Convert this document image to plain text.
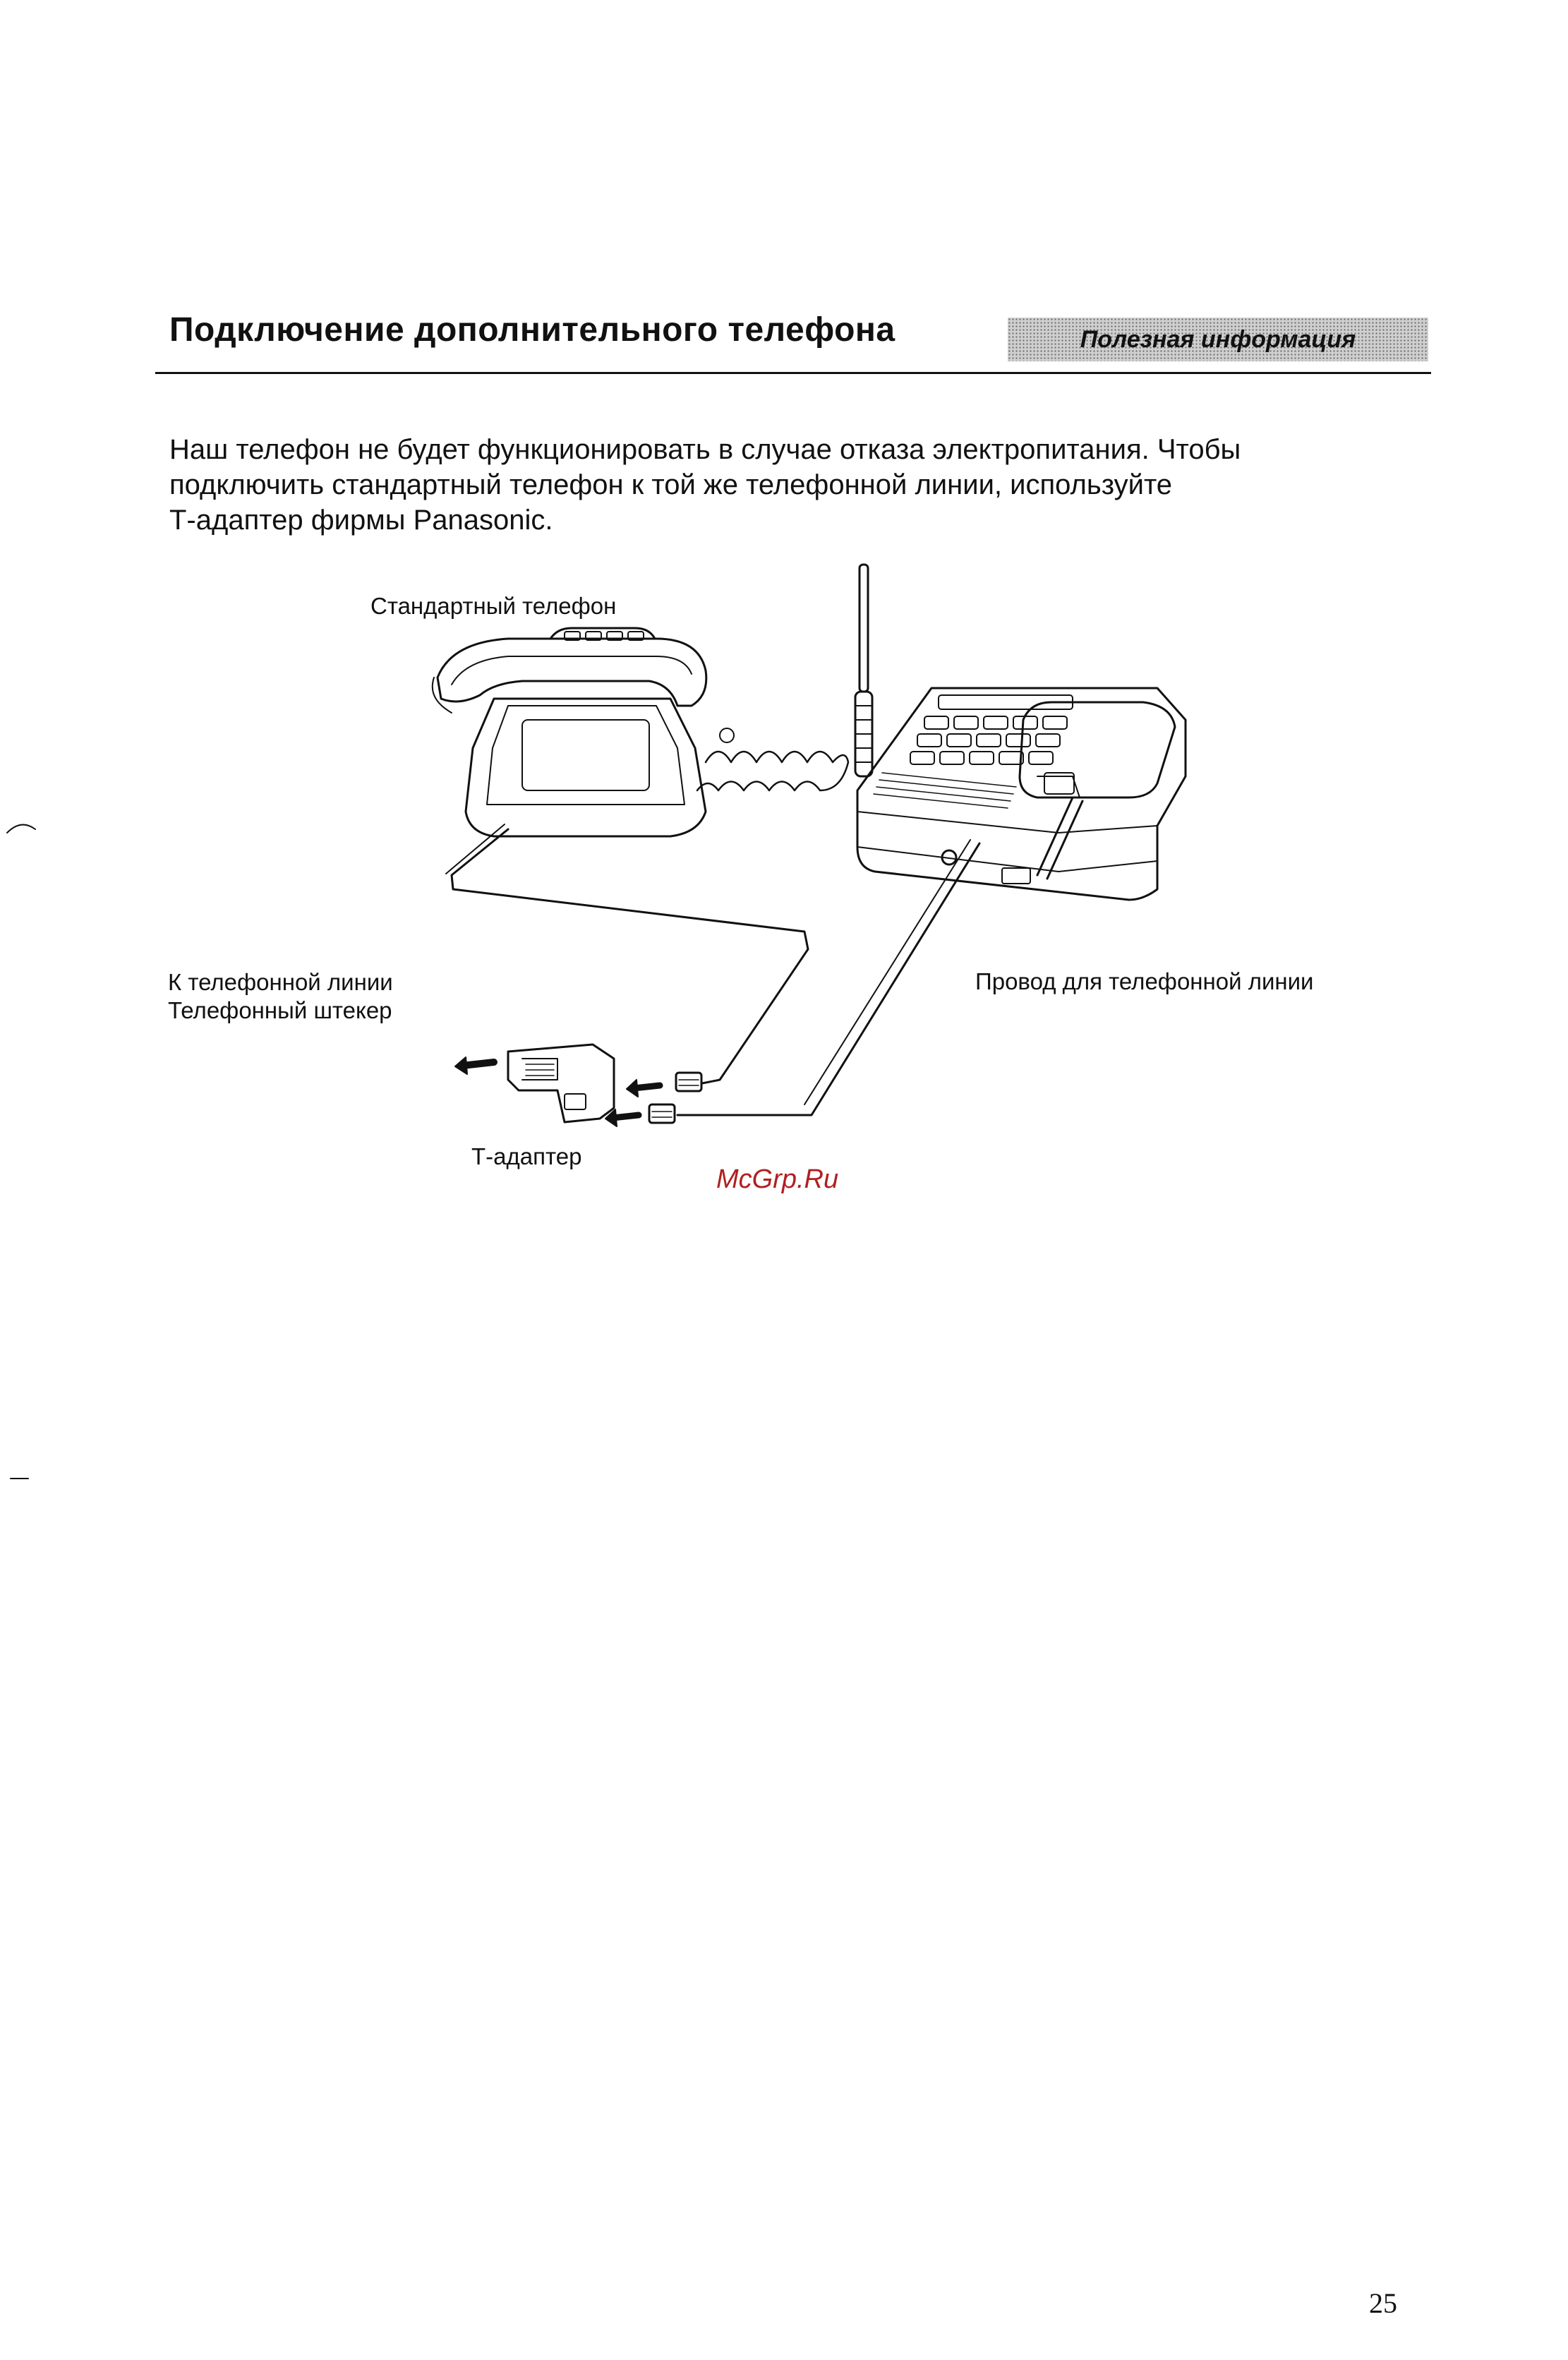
Подключение дополнительного телефона	Полезная информация

Наш телефон не будет функционировать в случае отказа электропитания. Чтобы

подключить стандартный телефон к той же телефонной линии, используйте

Т-адаптер фирмы Panasonic.

Стандартный телефон
К телефонной линии
Телефонный штекер
Провод для телефонной линии
Т-адаптер
McGrp.Ru
25
